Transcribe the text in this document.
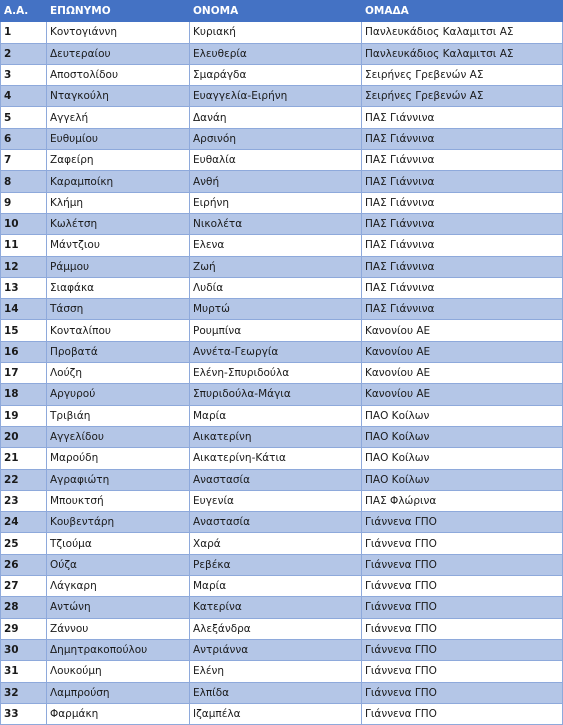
Α.Α.	ΕΠΩΝΥΜΟ	ΟΝΟΜΑ	ΟΜΑΔΑ
1	Κοντογιάννη	Κυριακή	Πανλευκάδιος Καλαμιτσι ΑΣ
2	Δευτεραίου	Ελευθερία	Πανλευκάδιος Καλαμιτσι ΑΣ
3	Αποστολίδου	Σμαράγδα	Σειρήνες Γρεβενών ΑΣ
4	Νταγκούλη	Ευαγγελία-Ειρήνη	Σειρήνες Γρεβενών ΑΣ
5	Αγγελή	Δανάη	ΠΑΣ Γιάννινα
6	Ευθυμίου	Αρσινόη	ΠΑΣ Γιάννινα
7	Ζαφείρη	Ευθαλία	ΠΑΣ Γιάννινα
8	Καραμποίκη	Ανθή	ΠΑΣ Γιάννινα
9	Κλήμη	Ειρήνη	ΠΑΣ Γιάννινα
10	Κωλέτση	Νικολέτα	ΠΑΣ Γιάννινα
11	Μάντζιου	Ελενα	ΠΑΣ Γιάννινα
12	Ράμμου	Ζωή	ΠΑΣ Γιάννινα
13	Σιαφάκα	Λυδία	ΠΑΣ Γιάννινα
14	Τάσση	Μυρτώ	ΠΑΣ Γιάννινα
15	Κονταλίπου	Ρουμπίνα	Κανονίου ΑΕ
16	Προβατά	Αννέτα-Γεωργία	Κανονίου ΑΕ
17	Λούζη	Ελένη-Σπυριδούλα	Κανονίου ΑΕ
18	Αργυρού	Σπυριδούλα-Μάγια	Κανονίου ΑΕ
19	Τριβιάη	Μαρία	ΠΑΟ Κοίλων
20	Αγγελίδου	Αικατερίνη	ΠΑΟ Κοίλων
21	Μαρούδη	Αικατερίνη-Κάτια	ΠΑΟ Κοίλων
22	Αγραφιώτη	Αναστασία	ΠΑΟ Κοίλων
23	Μπουκτσή	Ευγενία	ΠΑΣ Φλώρινα
24	Κουβεντάρη	Αναστασία	Γιάννενα ΓΠΟ
25	Τζιούμα	Χαρά	Γιάννενα ΓΠΟ
26	Ούζα	Ρεβέκα	Γιάννενα ΓΠΟ
27	Λάγκαρη	Μαρία	Γιάννενα ΓΠΟ
28	Αντώνη	Κατερίνα	Γιάννενα ΓΠΟ
29	Ζάννου	Αλεξάνδρα	Γιάννενα ΓΠΟ
30	Δημητρακοπούλου	Αντριάννα	Γιάννενα ΓΠΟ
31	Λουκούμη	Ελένη	Γιάννενα ΓΠΟ
32	Λαμπρούση	Ελπίδα	Γιάννενα ΓΠΟ
33	Φαρμάκη	Ιζαμπέλα	Γιάννενα ΓΠΟ
